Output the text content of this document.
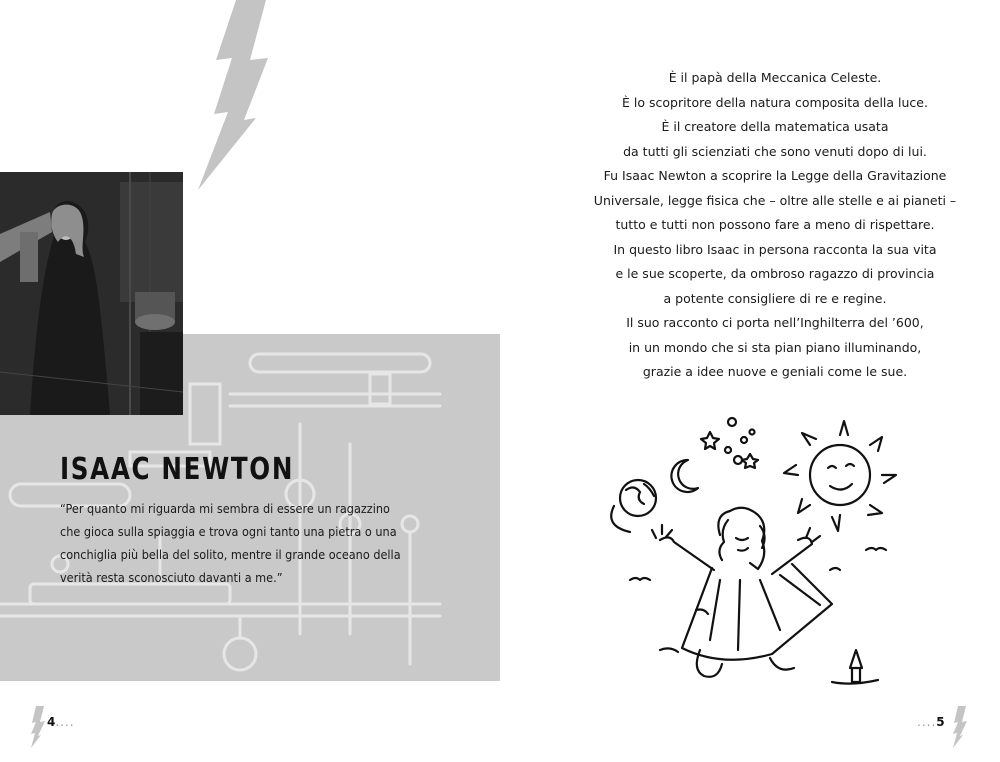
ISAAC NEWTON

“Per quanto mi riguarda mi sembra di essere un ragazzino che gioca sulla spiaggia e trova ogni tanto una pietra o una conchiglia più bella del solito, mentre il grande oceano della verità resta sconosciuto davanti a me.”

È il papà della Meccanica Celeste.
È lo scopritore della natura composita della luce.
È il creatore della matematica usata
da tutti gli scienziati che sono venuti dopo di lui.
Fu Isaac Newton a scoprire la Legge della Gravitazione
Universale, legge fisica che – oltre alle stelle e ai pianeti –
tutto e tutti non possono fare a meno di rispettare.
In questo libro Isaac in persona racconta la sua vita
e le sue scoperte, da ombroso ragazzo di provincia
a potente consigliere di re e regine.
Il suo racconto ci porta nell’Inghilterra del ’600,
in un mondo che si sta pian piano illuminando,
grazie a idee nuove e geniali come le sue.
4....	....5
